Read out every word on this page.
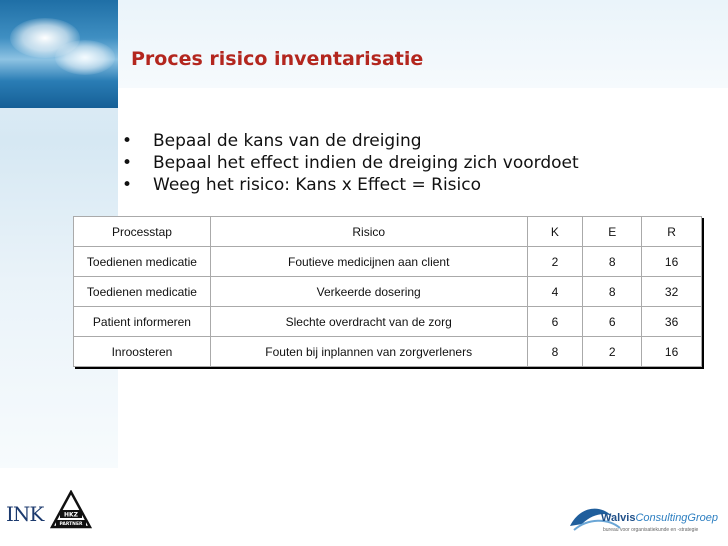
Proces risico inventarisatie
• Bepaal de kans van de dreiging
• Bepaal het effect indien de dreiging zich voordoet
• Weeg het risico: Kans x Effect = Risico
Processtap	Risico	K	E	R
Toedienen medicatie	Foutieve medicijnen aan client	2	8	16
Toedienen medicatie	Verkeerde dosering	4	8	32
Patient informeren	Slechte overdracht van de zorg	6	6	36
Inroosteren	Fouten bij inplannen van zorgverleners	8	2	16
INK	HKZ
PARTNER
WalvisConsultingGroep
bureau voor organisatiekunde en -strategie
